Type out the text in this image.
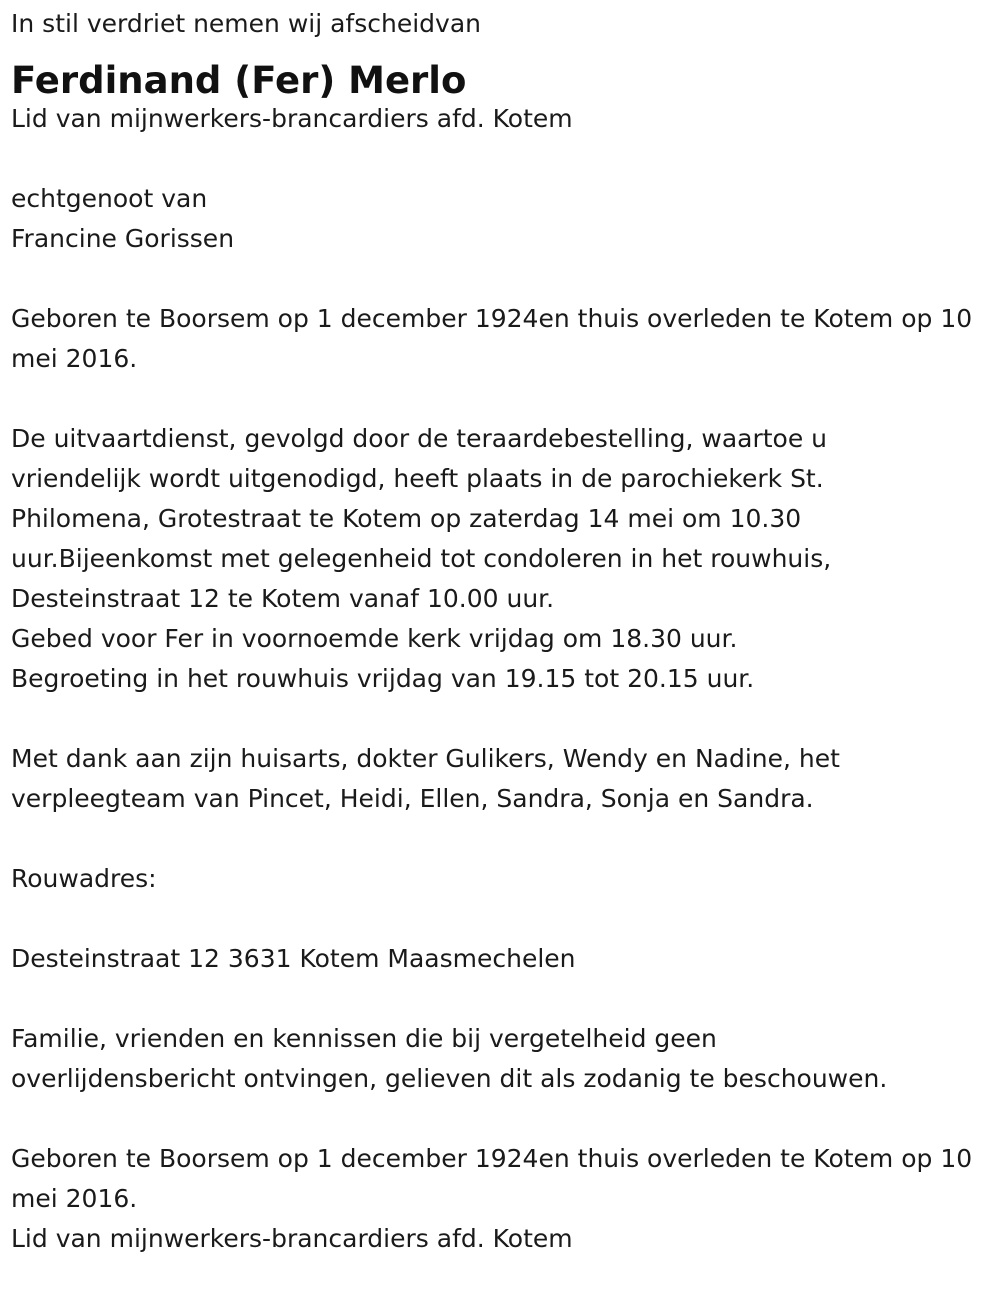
In stil verdriet nemen wij afscheidvan

Ferdinand (Fer) Merlo

Lid van mijnwerkers-brancardiers afd. Kotem

echtgenoot van

Francine Gorissen

Geboren te Boorsem op 1 december 1924en thuis overleden te Kotem op 10 mei 2016.

De uitvaartdienst, gevolgd door de teraardebestelling, waartoe u

vriendelijk wordt uitgenodigd, heeft plaats in de parochiekerk St.

Philomena, Grotestraat te Kotem op zaterdag 14 mei om 10.30

uur.Bijeenkomst met gelegenheid tot condoleren in het rouwhuis,

Desteinstraat 12 te Kotem vanaf 10.00 uur.

Gebed voor Fer in voornoemde kerk vrijdag om 18.30 uur.

Begroeting in het rouwhuis vrijdag van 19.15 tot 20.15 uur.

Met dank aan zijn huisarts, dokter Gulikers, Wendy en Nadine, het

verpleegteam van Pincet, Heidi, Ellen, Sandra, Sonja en Sandra.

Rouwadres:

Desteinstraat 12 3631 Kotem Maasmechelen

Familie, vrienden en kennissen die bij vergetelheid geen

overlijdensbericht ontvingen, gelieven dit als zodanig te beschouwen.

Geboren te Boorsem op 1 december 1924en thuis overleden te Kotem op 10 mei 2016.

Lid van mijnwerkers-brancardiers afd. Kotem
